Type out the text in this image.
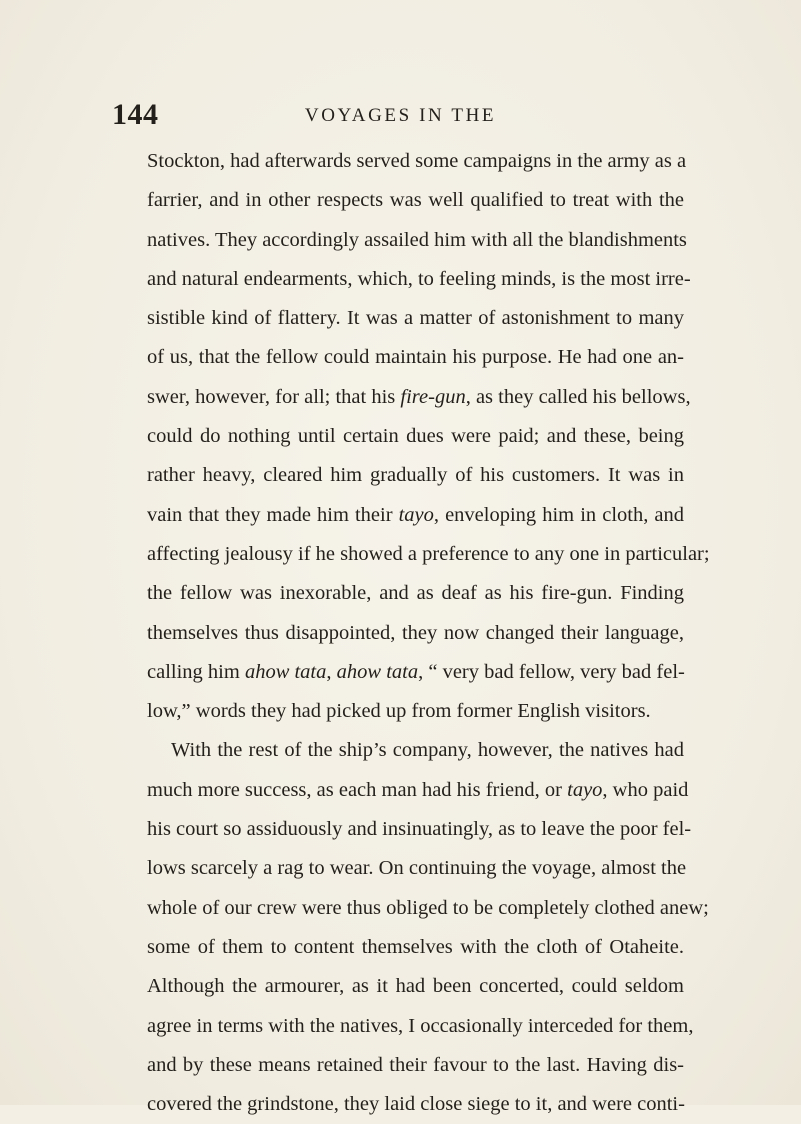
144	VOYAGES IN THE
Stockton, had afterwards served some campaigns in the army as a
farrier, and in other respects was well qualified to treat with the
natives. They accordingly assailed him with all the blandishments
and natural endearments, which, to feeling minds, is the most irre-
sistible kind of flattery. It was a matter of astonishment to many
of us, that the fellow could maintain his purpose. He had one an-
swer, however, for all; that his fire-gun, as they called his bellows,
could do nothing until certain dues were paid; and these, being
rather heavy, cleared him gradually of his customers. It was in
vain that they made him their tayo, enveloping him in cloth, and
affecting jealousy if he showed a preference to any one in particular;
the fellow was inexorable, and as deaf as his fire-gun. Finding
themselves thus disappointed, they now changed their language,
calling him ahow tata, ahow tata, “ very bad fellow, very bad fel-
low,” words they had picked up from former English visitors.
With the rest of the ship’s company, however, the natives had
much more success, as each man had his friend, or tayo, who paid
his court so assiduously and insinuatingly, as to leave the poor fel-
lows scarcely a rag to wear. On continuing the voyage, almost the
whole of our crew were thus obliged to be completely clothed anew;
some of them to content themselves with the cloth of Otaheite.
Although the armourer, as it had been concerted, could seldom
agree in terms with the natives, I occasionally interceded for them,
and by these means retained their favour to the last. Having dis-
covered the grindstone, they laid close siege to it, and were conti-
